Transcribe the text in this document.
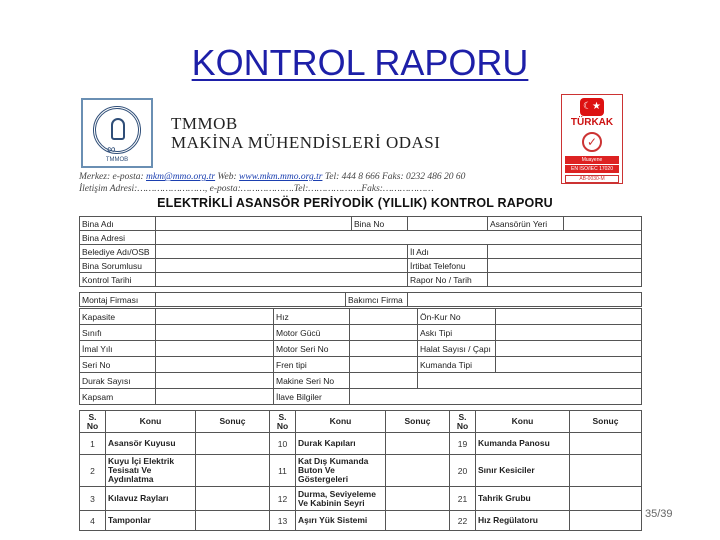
KONTROL RAPORU
∞
TMMOB
TMMOB
MAKİNA MÜHENDİSLERİ ODASI
☾★
TÜRKAK
✓
Muayene
EN ISO/IEC 17020
AB-0030-M
Merkez: e-posta: mkm@mmo.org.tr Web: www.mkm.mmo.org.tr Tel: 444 8 666 Faks: 0232 486 20 60
İletişim Adresi:……………………, e-posta:……………….Tel:……………….Faks:………………
ELEKTRİKLİ ASANSÖR PERİYODİK (YILLIK) KONTROL RAPORU
Bina Adı		Bina No		Asansörün Yeri	
Bina Adresi					
Belediye Adı/OSB			İl Adı		
Bina Sorumlusu			İrtibat Telefonu		
Kontrol Tarihi			Rapor No / Tarih		
Montaj Firması		Bakımcı Firma	
Kapasite		Hız		Ön-Kur No	
Sınıfı		Motor Gücü		Askı Tipi	
İmal Yılı		Motor Seri No		Halat Sayısı / Çapı	
Seri No		Fren tipi		Kumanda Tipi	
Durak Sayısı		Makine Seri No			
Kapsam		İlave Bilgiler			
S. No	Konu	Sonuç	S. No	Konu	Sonuç	S. No	Konu	Sonuç
1	Asansör Kuyusu		10	Durak Kapıları		19	Kumanda Panosu	
2	Kuyu İçi Elektrik Tesisatı Ve Aydınlatma		11	Kat Dış Kumanda Buton Ve Göstergeleri		20	Sınır Kesiciler	
3	Kılavuz Rayları		12	Durma, Seviyeleme Ve Kabinin Seyri		21	Tahrik Grubu	
4	Tamponlar		13	Aşırı Yük Sistemi		22	Hız Regülatoru		35/39
